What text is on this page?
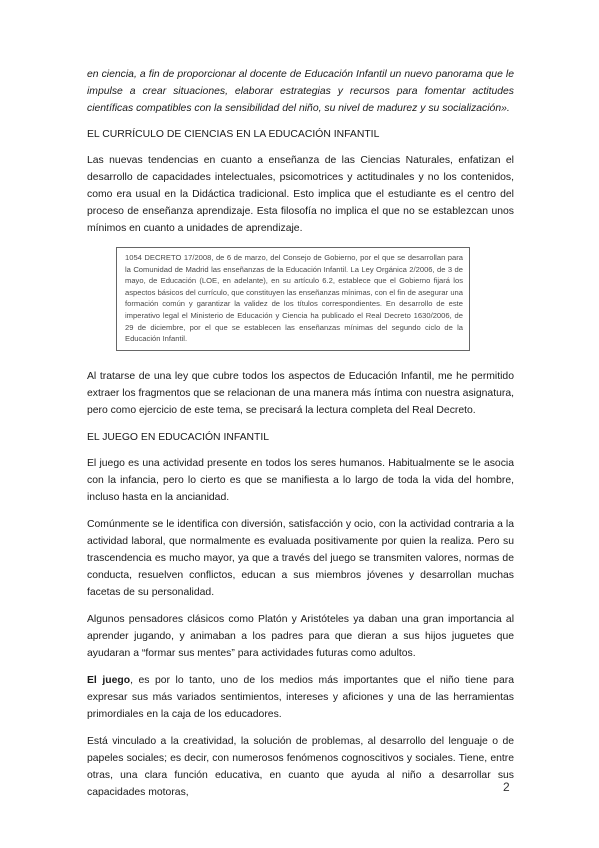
en ciencia, a fin de proporcionar al docente de Educación Infantil un nuevo panorama que le impulse a crear situaciones, elaborar estrategias y recursos para fomentar actitudes científicas compatibles con la sensibilidad del niño, su nivel de madurez y su socialización».

EL CURRÍCULO DE CIENCIAS EN LA EDUCACIÓN INFANTIL

Las nuevas tendencias en cuanto a enseñanza de las Ciencias Naturales, enfatizan el desarrollo de capacidades intelectuales, psicomotrices y actitudinales y no los contenidos, como era usual en la Didáctica tradicional. Esto implica que el estudiante es el centro del proceso de enseñanza aprendizaje. Esta filosofía no implica el que no se establezcan unos mínimos en cuanto a unidades de aprendizaje.

1054 DECRETO 17/2008, de 6 de marzo, del Consejo de Gobierno, por el que se desarrollan para la Comunidad de Madrid las enseñanzas de la Educación Infantil. La Ley Orgánica 2/2006, de 3 de mayo, de Educación (LOE, en adelante), en su artículo 6.2, establece que el Gobierno fijará los aspectos básicos del currículo, que constituyen las enseñanzas mínimas, con el fin de asegurar una formación común y garantizar la validez de los títulos correspondientes. En desarrollo de este imperativo legal el Ministerio de Educación y Ciencia ha publicado el Real Decreto 1630/2006, de 29 de diciembre, por el que se establecen las enseñanzas mínimas del segundo ciclo de la Educación Infantil.

Al tratarse de una ley que cubre todos los aspectos de Educación Infantil, me he permitido extraer los fragmentos que se relacionan de una manera más íntima con nuestra asignatura, pero como ejercicio de este tema, se precisará la lectura completa del Real Decreto.

EL JUEGO EN EDUCACIÓN INFANTIL

El juego es una actividad presente en todos los seres humanos. Habitualmente se le asocia con la infancia, pero lo cierto es que se manifiesta a lo largo de toda la vida del hombre, incluso hasta en la ancianidad.

Comúnmente se le identifica con diversión, satisfacción y ocio, con la actividad contraria a la actividad laboral, que normalmente es evaluada positivamente por quien la realiza. Pero su trascendencia es mucho mayor, ya que a través del juego se transmiten valores, normas de conducta, resuelven conflictos, educan a sus miembros jóvenes y desarrollan muchas facetas de su personalidad.

Algunos pensadores clásicos como Platón y Aristóteles ya daban una gran importancia al aprender jugando, y animaban a los padres para que dieran a sus hijos juguetes que ayudaran a “formar sus mentes” para actividades futuras como adultos.

El juego, es por lo tanto, uno de los medios más importantes que el niño tiene para expresar sus más variados sentimientos, intereses y aficiones y una de las herramientas primordiales en la caja de los educadores.

Está vinculado a la creatividad, la solución de problemas, al desarrollo del lenguaje o de papeles sociales; es decir, con numerosos fenómenos cognoscitivos y sociales. Tiene, entre otras, una clara función educativa, en cuanto que ayuda al niño a desarrollar sus capacidades motoras,	2
